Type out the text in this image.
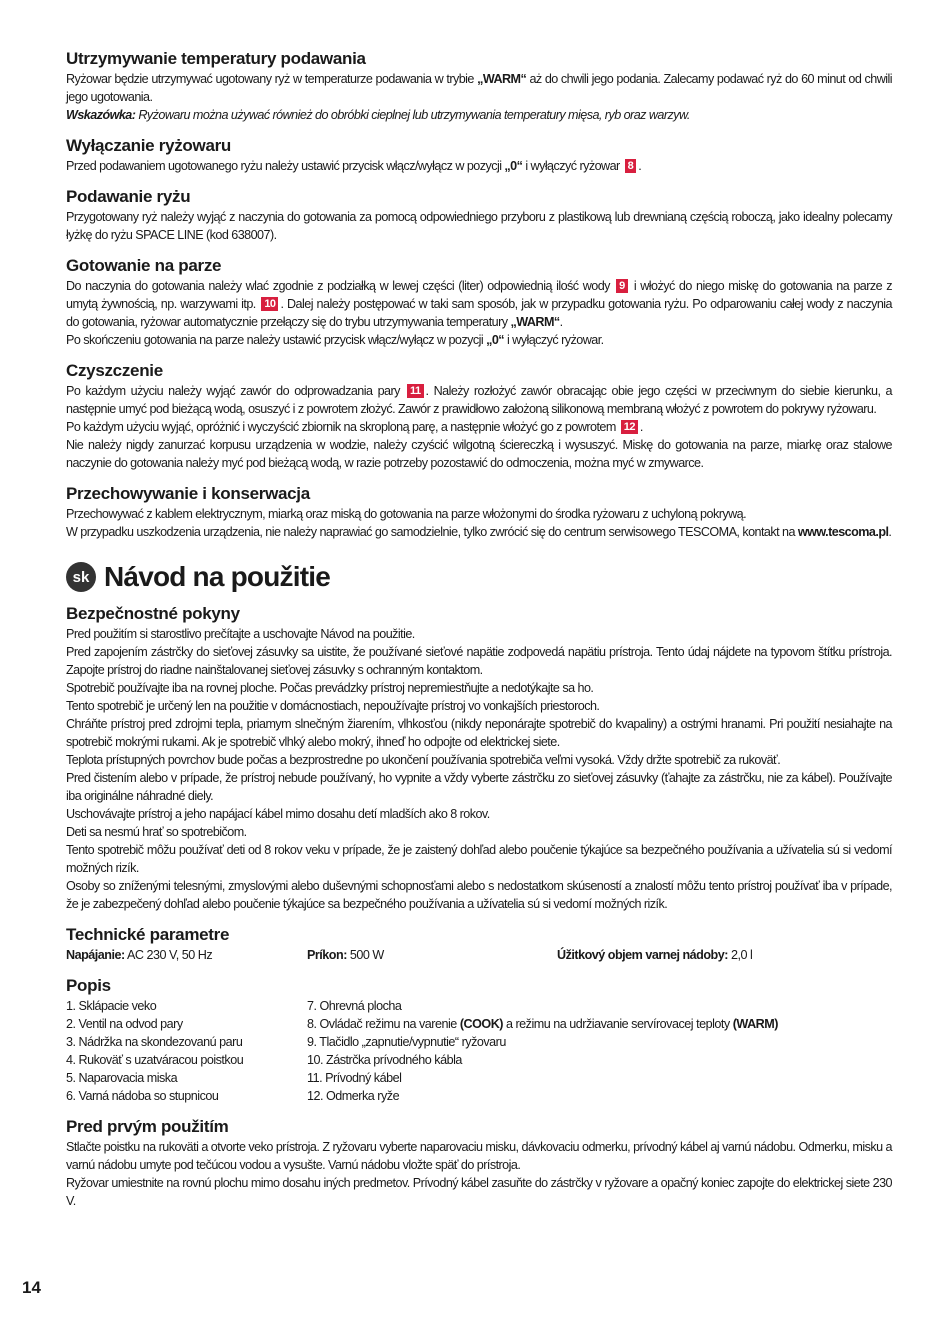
Utrzymywanie temperatury podawania

Ryżowar będzie utrzymywać ugotowany ryż w temperaturze podawania w trybie „WARM“ aż do chwili jego podania. Zalecamy podawać ryż do 60 minut od chwili jego ugotowania.

Wskazówka: Ryżowaru można używać również do obróbki cieplnej lub utrzymywania temperatury mięsa, ryb oraz warzyw.

Wyłączanie ryżowaru

Przed podawaniem ugotowanego ryżu należy ustawić przycisk włącz/wyłącz w pozycji „0“ i wyłączyć ryżowar 8 .

Podawanie ryżu

Przygotowany ryż należy wyjąć z naczynia do gotowania za pomocą odpowiedniego przyboru z plastikową lub drewnianą częścią roboczą, jako idealny polecamy łyżkę do ryżu SPACE LINE (kod 638007).

Gotowanie na parze

Do naczynia do gotowania należy wlać zgodnie z podziałką w lewej części (liter) odpowiednią ilość wody 9 i włożyć do niego miskę do gotowania na parze z umytą żywnością, np. warzywami itp. 10 . Dalej należy postępować w taki sam sposób, jak w przypadku gotowania ryżu. Po odparowaniu całej wody z naczynia do gotowania, ryżowar automatycznie przełączy się do trybu utrzymywania temperatury „WARM“.

Po skończeniu gotowania na parze należy ustawić przycisk włącz/wyłącz w pozycji „0“ i wyłączyć ryżowar.

Czyszczenie

Po każdym użyciu należy wyjąć zawór do odprowadzania pary 11 . Należy rozłożyć zawór obracając obie jego części w przeciwnym do siebie kierunku, a następnie umyć pod bieżącą wodą, osuszyć i z powrotem złożyć. Zawór z prawidłowo założoną silikonową membraną włożyć z powrotem do pokrywy ryżowaru.

Po każdym użyciu wyjąć, opróżnić i wyczyścić zbiornik na skroploną parę, a następnie włożyć go z powrotem 12 .

Nie należy nigdy zanurzać korpusu urządzenia w wodzie, należy czyścić wilgotną ściereczką i wysuszyć. Miskę do gotowania na parze, miarkę oraz stalowe naczynie do gotowania należy myć pod bieżącą wodą, w razie potrzeby pozostawić do odmoczenia, można myć w zmywarce.

Przechowywanie i konserwacja

Przechowywać z kablem elektrycznym, miarką oraz miską do gotowania na parze włożonymi do środka ryżowaru z uchyloną pokrywą.

W przypadku uszkodzenia urządzenia, nie należy naprawiać go samodzielnie, tylko zwrócić się do centrum serwisowego TESCOMA, kontakt na www.tescoma.pl.

sk Návod na použitie
Bezpečnostné pokyny

Pred použitím si starostlivo prečítajte a uschovajte Návod na použitie.

Pred zapojením zástrčky do sieťovej zásuvky sa uistite, že používané sieťové napätie zodpovedá napätiu prístroja. Tento údaj nájdete na typovom štítku prístroja. Zapojte prístroj do riadne nainštalovanej sieťovej zásuvky s ochranným kontaktom.

Spotrebič používajte iba na rovnej ploche. Počas prevádzky prístroj nepremiestňujte a nedotýkajte sa ho.

Tento spotrebič je určený len na použitie v domácnostiach, nepoužívajte prístroj vo vonkajších priestoroch.

Chráňte prístroj pred zdrojmi tepla, priamym slnečným žiarením, vlhkosťou (nikdy neponárajte spotrebič do kvapaliny) a ostrými hranami. Pri použití nesiahajte na spotrebič mokrými rukami. Ak je spotrebič vlhký alebo mokrý, ihneď ho odpojte od elektrickej siete.

Teplota prístupných povrchov bude počas a bezprostredne po ukončení používania spotrebiča veľmi vysoká. Vždy držte spotrebič za rukoväť.

Pred čistením alebo v prípade, že prístroj nebude používaný, ho vypnite a vždy vyberte zástrčku zo sieťovej zásuvky (ťahajte za zástrčku, nie za kábel). Používajte iba originálne náhradné diely.

Uschovávajte prístroj a jeho napájací kábel mimo dosahu detí mladších ako 8 rokov.

Deti sa nesmú hrať so spotrebičom.

Tento spotrebič môžu používať deti od 8 rokov veku v prípade, že je zaistený dohľad alebo poučenie týkajúce sa bezpečného používania a užívatelia sú si vedomí možných rizík.

Osoby so zníženými telesnými, zmyslovými alebo duševnými schopnosťami alebo s nedostatkom skúseností a znalostí môžu tento prístroj používať iba v prípade, že je zabezpečený dohľad alebo poučenie týkajúce sa bezpečného používania a užívatelia sú si vedomí možných rizík.

Technické parametre
Napájanie: AC 230 V, 50 Hz	Príkon: 500 W	Úžitkový objem varnej nádoby: 2,0 l
Popis
1. Sklápacie veko
2. Ventil na odvod pary
3. Nádržka na skondezovanú paru
4. Rukoväť s uzatváracou poistkou
5. Naparovacia miska
6. Varná nádoba so stupnicou
7. Ohrevná plocha
8. Ovládač režimu na varenie (COOK) a režimu na udržiavanie servírovacej teploty (WARM)
9. Tlačidlo „zapnutie/vypnutie“ ryžovaru
10. Zástrčka prívodného kábla
11. Prívodný kábel
12. Odmerka ryže
Pred prvým použitím

Stlačte poistku na rukoväti a otvorte veko prístroja. Z ryžovaru vyberte naparovaciu misku, dávkovaciu odmerku, prívodný kábel aj varnú nádobu. Odmerku, misku a varnú nádobu umyte pod tečúcou vodou a vysušte. Varnú nádobu vložte späť do prístroja.

Ryžovar umiestnite na rovnú plochu mimo dosahu iných predmetov. Prívodný kábel zasuňte do zástrčky v ryžovare a opačný koniec zapojte do elektrickej siete 230 V.

14
